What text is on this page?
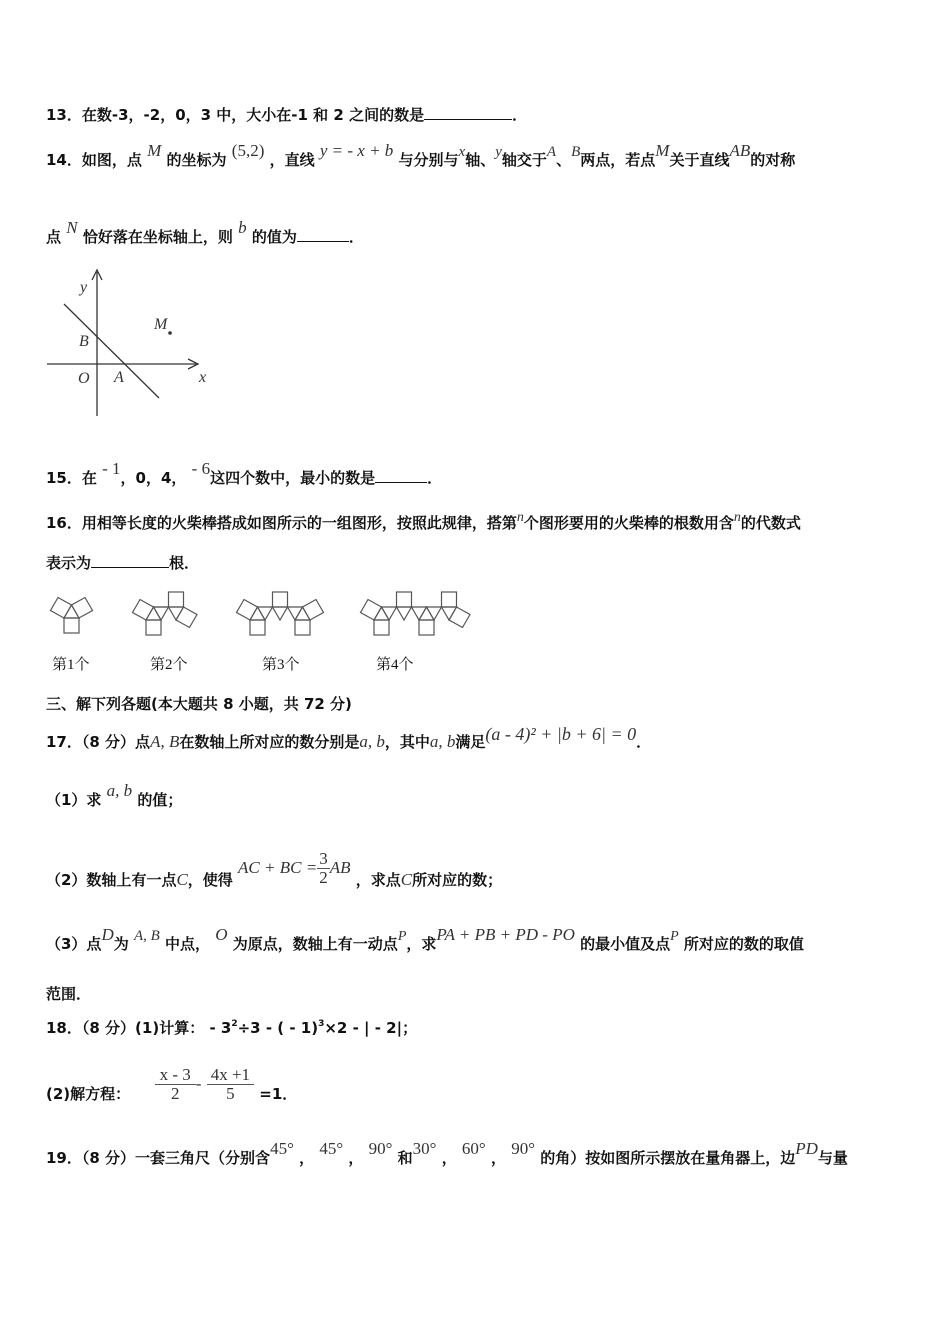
13．在数-3，-2，0，3 中，大小在-1 和 2 之间的数是	．
14．如图，点 M 的坐标为 (5,2) ，直线 y = - x + b 与分别与x轴、y轴交于A、B两点，若点M关于直线AB的对称
点 N 恰好落在坐标轴上，则 b 的值为	．
y
x
O A
B
M
15．在 - 1，0，4， - 6这四个数中，最小的数是	．
16．用相等长度的火柴棒搭成如图所示的一组图形，按照此规律，搭第n个图形要用的火柴棒的根数用含n的代数式
表示为	根．
第1个	第2个	第3个	第4个
三、解下列各题(本大题共 8 小题，共 72 分)
17．（8 分）点A, B在数轴上所对应的数分别是a, b，其中a, b满足(a - 4)² + |b + 6| = 0．
（1）求 a, b 的值；
（2）数轴上有一点C，使得 AC + BC = $\frac{3}{2}$ AB ，求点C所对应的数；
（3）点D为 A, B 中点， O 为原点，数轴上有一动点P，求PA + PB + PD - PO 的最小值及点P 所对应的数的取值
范围．
18．（8 分）(1)计算： - $3^2\div 3$ - ( - 1)$^3$×2 - | - 2|；
(2)解方程： $\frac{x - 3}{2} - \frac{4x +1}{5} =1$．
19．（8 分）一套三角尺（分别含45° ， 45° ， 90° 和30° ， 60° ， 90° 的角）按如图所示摆放在量角器上，边PD与量
